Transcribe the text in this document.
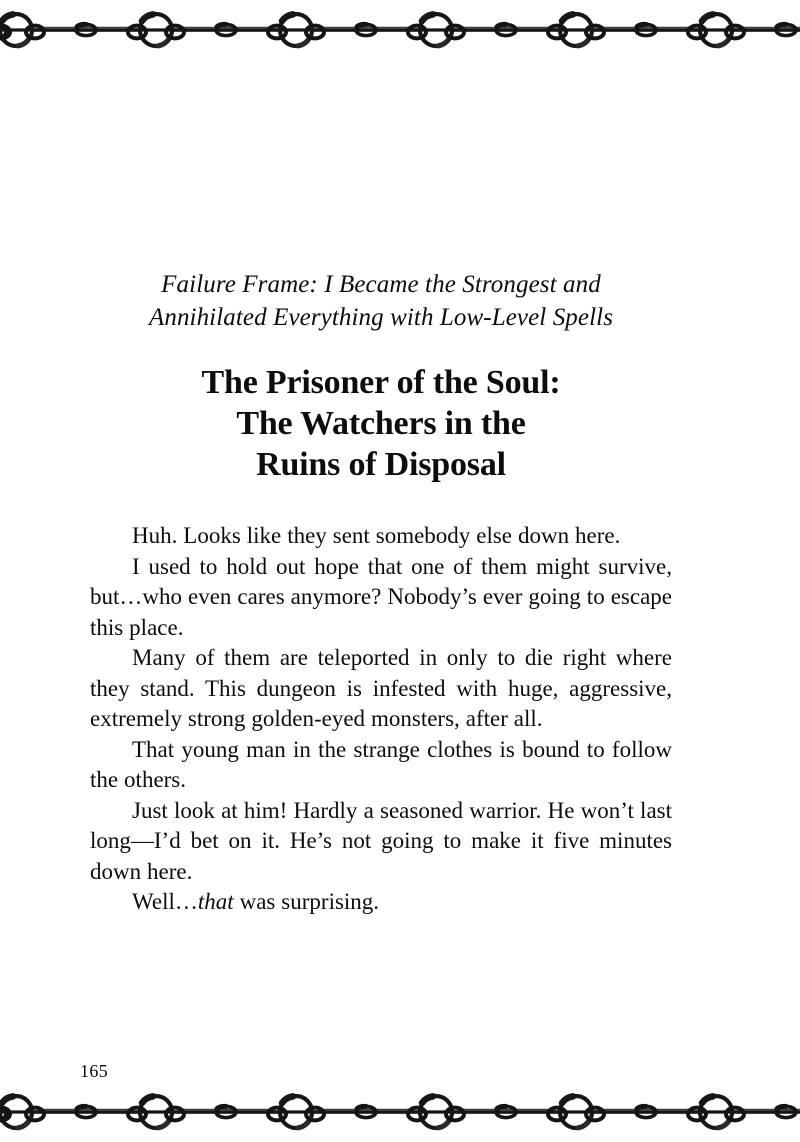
Failure Frame: I Became the Strongest and
Annihilated Everything with Low-Level Spells
The Prisoner of the Soul:
The Watchers in the
Ruins of Disposal

Huh. Looks like they sent somebody else down here.

I used to hold out hope that one of them might survive, but…who even cares anymore? Nobody’s ever going to escape this place.

Many of them are teleported in only to die right where they stand. This dungeon is infested with huge, aggressive, extremely strong golden-eyed monsters, after all.

That young man in the strange clothes is bound to follow the others.

Just look at him! Hardly a seasoned warrior. He won’t last long—I’d bet on it. He’s not going to make it five minutes down here.

Well…that was surprising.

165
